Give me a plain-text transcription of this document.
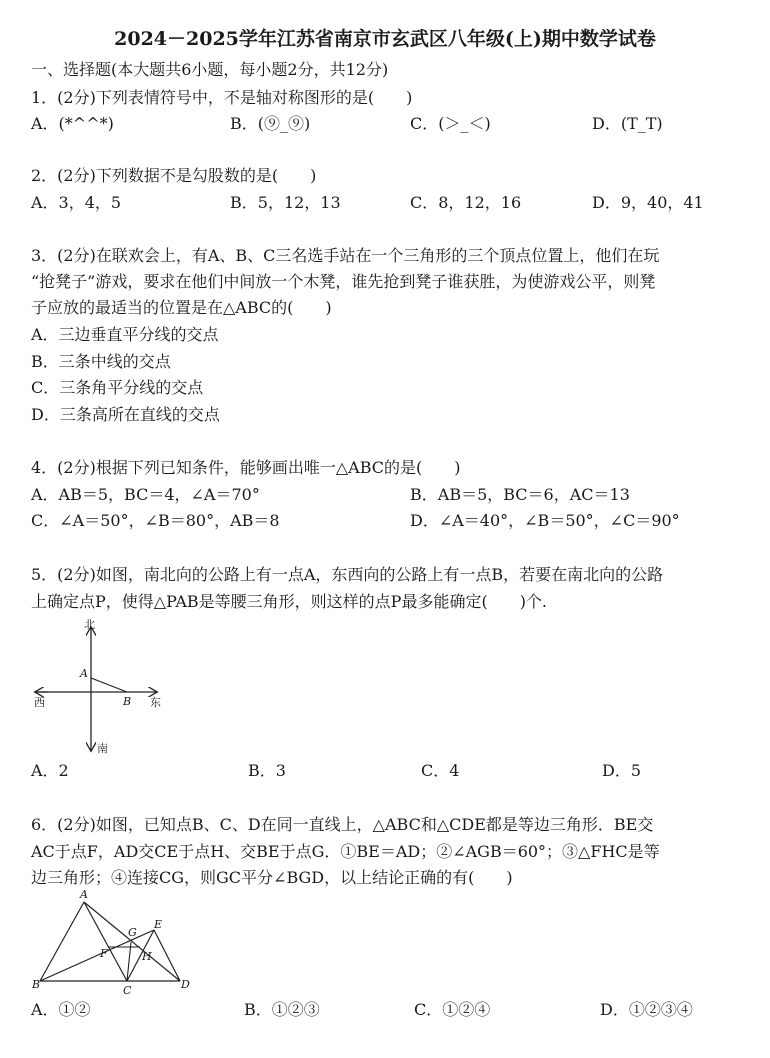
2024－2025学年江苏省南京市玄武区八年级(上)期中数学试卷
一、选择题(本大题共6小题，每小题2分，共12分)
1．(2分)下列表情符号中，不是轴对称图形的是(　　)
A．(*^^*)	B．(⑨_⑨)	C．(＞_＜)	D．(T_T)
2．(2分)下列数据不是勾股数的是(　　)
A．3，4，5	B．5，12，13	C．8，12，16	D．9，40，41
3．(2分)在联欢会上，有A、B、C三名选手站在一个三角形的三个顶点位置上，他们在玩
“抢凳子”游戏，要求在他们中间放一个木凳，谁先抢到凳子谁获胜，为使游戏公平，则凳
子应放的最适当的位置是在△ABC的(　　)
A．三边垂直平分线的交点
B．三条中线的交点
C．三条角平分线的交点
D．三条高所在直线的交点
4．(2分)根据下列已知条件，能够画出唯一△ABC的是(　　)
A．AB＝5，BC＝4，∠A＝70°	B．AB＝5，BC＝6，AC＝13
C．∠A＝50°，∠B＝80°，AB＝8	D．∠A＝40°，∠B＝50°，∠C＝90°
5．(2分)如图，南北向的公路上有一点A，东西向的公路上有一点B，若要在南北向的公路
上确定点P，使得△PAB是等腰三角形，则这样的点P最多能确定(　　)个.
北
南
东
西
A
B
A．2	B．3	C．4	D．5
6．(2分)如图，已知点B、C、D在同一直线上，△ABC和△CDE都是等边三角形．BE交
AC于点F，AD交CE于点H、交BE于点G．①BE＝AD；②∠AGB＝60°；③△FHC是等
边三角形；④连接CG，则GC平分∠BGD，以上结论正确的有(　　)
A
B	C	D
E
F
G
H
A．①②	B．①②③	C．①②④	D．①②③④
